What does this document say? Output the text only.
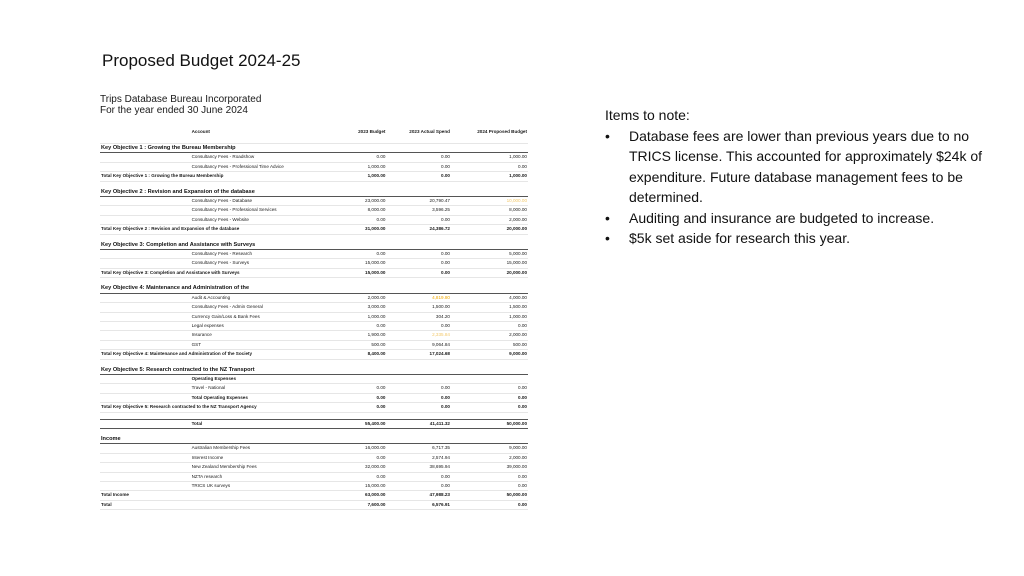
Proposed Budget 2024-25
Trips Database Bureau Incorporated
For the year ended 30 June 2024
	Account	2023 Budget	2023 Actual Spend		2024 Proposed Budget
Key Objective 1 : Growing the Bureau Membership					
	Consultancy Fees - Roadshow	0.00	0.00		1,000.00
	Consultancy Fees - Professional Time Advice	1,000.00	0.00		0.00
Total Key Objective 1 : Growing the Bureau Membership		1,000.00	0.00		1,000.00

Key Objective 2 : Revision and Expansion of the database					
	Consultancy Fees - Database	23,000.00	20,790.47		10,000.00
	Consultancy Fees - Professional Services	8,000.00	3,596.25		8,000.00
	Consultancy Fees - Website	0.00	0.00		2,000.00
Total Key Objective 2 : Revision and Expansion of the database		31,000.00	24,386.72		20,000.00

Key Objective 3: Completion and Assistance with Surveys					
	Consultancy Fees - Research	0.00	0.00		5,000.00
	Consultancy Fees - Surveys	15,000.00	0.00		15,000.00
Total Key Objective 3: Completion and Assistance with Surveys		15,000.00	0.00		20,000.00

Key Objective 4: Maintenance and Administration of the					
	Audit & Accounting	2,000.00	4,819.80		4,000.00
	Consultancy Fees - Admin General	3,000.00	1,500.00		1,500.00
	Currency Gain/Loss & Bank Fees	1,000.00	304.20		1,000.00
	Legal expenses	0.00	0.00		0.00
	Insurance	1,900.00	2,335.84		2,000.00
	GST	500.00	9,064.84		500.00
Total Key Objective 4: Maintenance and Administration of the Society		8,400.00	17,024.68		9,000.00

Key Objective 5: Research contracted to the NZ Transport					
	Operating Expenses				
	Travel - National	0.00	0.00		0.00
	Total Operating Expenses	0.00	0.00		0.00
Total Key Objective 5: Research contracted to the NZ Transport Agency		0.00	0.00		0.00

	Total	55,400.00	41,411.32		50,000.00

Income					
	Australian Membership Fees	16,000.00	6,717.35		9,000.00
	Interest Income	0.00	2,574.94		2,000.00
	New Zealand Membership Fees	32,000.00	38,695.94		39,000.00
	NZTA research	0.00	0.00		0.00
	TRICS UK surveys	15,000.00	0.00		0.00
Total Income		63,000.00	47,988.23		50,000.00
Total		7,600.00	6,576.91		0.00
Items to note:
• Database fees are lower than previous years due to no TRICS license. This accounted for approximately $24k of expenditure. Future database management fees to be determined.
• Auditing and insurance are budgeted to increase.
• $5k set aside for research this year.
